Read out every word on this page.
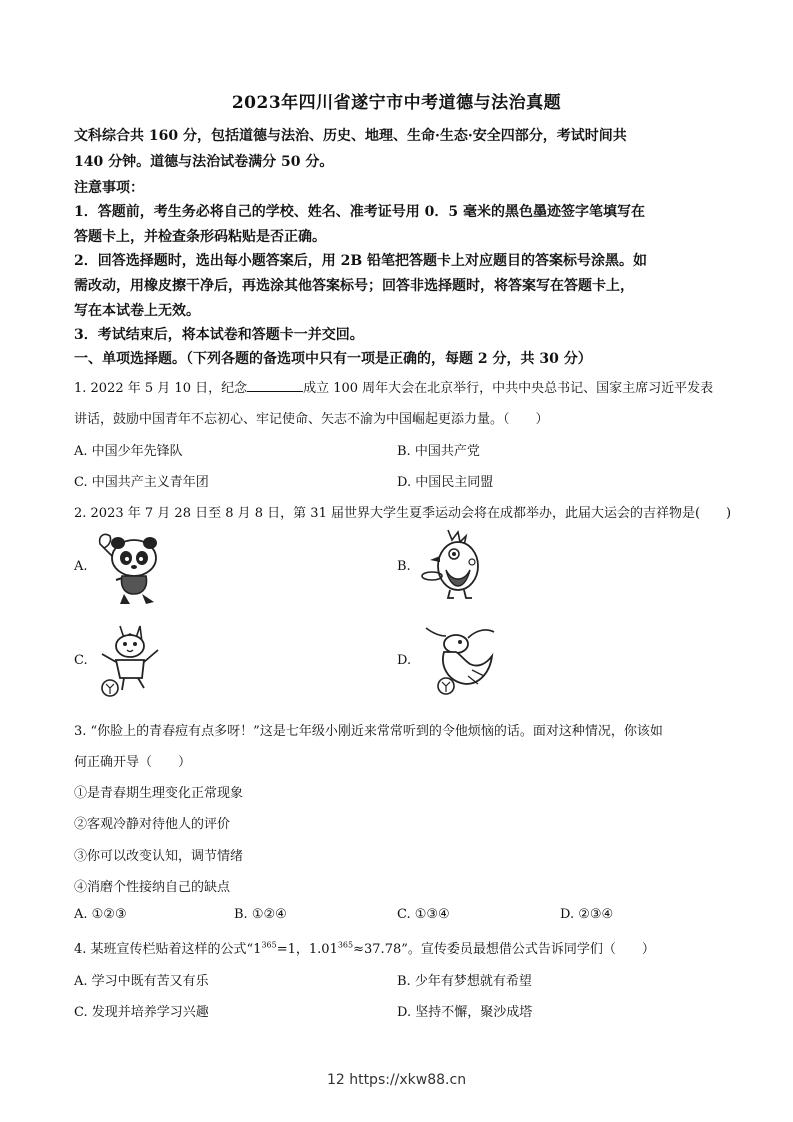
2023年四川省遂宁市中考道德与法治真题
文科综合共 160 分，包括道德与法治、历史、地理、生命·生态·安全四部分，考试时间共
140 分钟。道德与法治试卷满分 50 分。
注意事项：
1．答题前，考生务必将自己的学校、姓名、准考证号用 0．5 毫米的黑色墨迹签字笔填写在
答题卡上，并检查条形码粘贴是否正确。
2．回答选择题时，选出每小题答案后，用 2B 铅笔把答题卡上对应题目的答案标号涂黑。如
需改动，用橡皮擦干净后，再选涂其他答案标号；回答非选择题时，将答案写在答题卡上，
写在本试卷上无效。
3．考试结束后，将本试卷和答题卡一并交回。
一、单项选择题。（下列各题的备选项中只有一项是正确的，每题 2 分，共 30 分）
1. 2022 年 5 月 10 日，纪念	成立 100 周年大会在北京举行，中共中央总书记、国家主席习近平发表
讲话，鼓励中国青年不忘初心、牢记使命、矢志不渝为中国崛起更添力量。（　　）
A. 中国少年先锋队	B. 中国共产党
C. 中国共产主义青年团	D. 中国民主同盟
2. 2023 年 7 月 28 日至 8 月 8 日，第 31 届世界大学生夏季运动会将在成都举办，此届大运会的吉祥物是(　　)
A.	B.
C.	D.
3. “你脸上的青春痘有点多呀！”这是七年级小刚近来常常听到的令他烦恼的话。面对这种情况，你该如
何正确开导（　　）
①是青春期生理变化正常现象
②客观冷静对待他人的评价
③你可以改变认知，调节情绪
④消磨个性接纳自己的缺点
A. ①②③	B. ①②④	C. ①③④	D. ②③④
4. 某班宣传栏贴着这样的公式“$1^{365}=1$，$1.01^{365}\approx 37.78$”。宣传委员最想借公式告诉同学们（　　）
A. 学习中既有苦又有乐	B. 少年有梦想就有希望
C. 发现并培养学习兴趣	D. 坚持不懈，聚沙成塔
12 https://xkw88.cn
